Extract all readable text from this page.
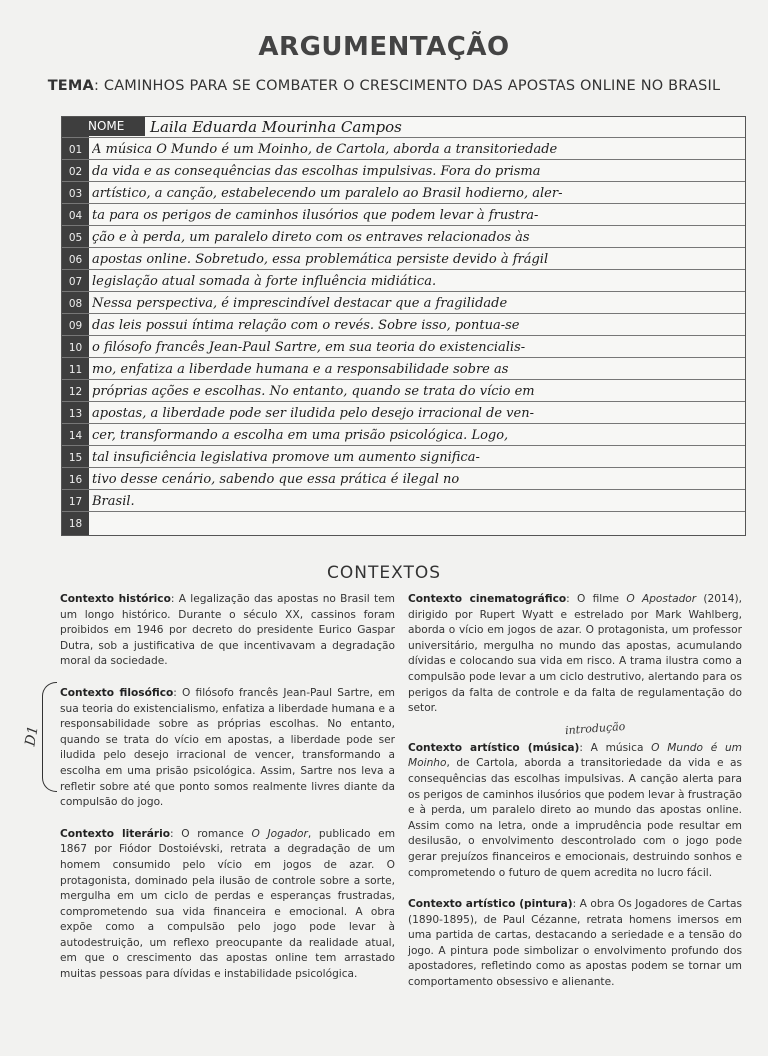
ARGUMENTAÇÃO
TEMA: CAMINHOS PARA SE COMBATER O CRESCIMENTO DAS APOSTAS ONLINE NO BRASIL
NOME	Laila Eduarda Mourinha Campos
01 A música O Mundo é um Moinho, de Cartola, aborda a transitoriedade
02 da vida e as consequências das escolhas impulsivas. Fora do prisma
03 artístico, a canção, estabelecendo um paralelo ao Brasil hodierno, aler-
04 ta para os perigos de caminhos ilusórios que podem levar à frustra-
05 ção e à perda, um paralelo direto com os entraves relacionados às
06 apostas online. Sobretudo, essa problemática persiste devido à frágil
07 legislação atual somada à forte influência midiática.
08 Nessa perspectiva, é imprescindível destacar que a fragilidade
09 das leis possui íntima relação com o revés. Sobre isso, pontua-se
10 o filósofo francês Jean-Paul Sartre, em sua teoria do existencialis-
11 mo, enfatiza a liberdade humana e a responsabilidade sobre as
12 próprias ações e escolhas. No entanto, quando se trata do vício em
13 apostas, a liberdade pode ser iludida pelo desejo irracional de ven-
14 cer, transformando a escolha em uma prisão psicológica. Logo,
15 tal insuficiência legislativa promove um aumento significa-
16 tivo desse cenário, sabendo que essa prática é ilegal no
17 Brasil.
18
CONTEXTOS

Contexto histórico: A legalização das apostas no Brasil tem um longo histórico. Durante o século XX, cassinos foram proibidos em 1946 por decreto do presidente Eurico Gaspar Dutra, sob a justificativa de que incentivavam a degradação moral da sociedade.

Contexto filosófico: O filósofo francês Jean-Paul Sartre, em sua teoria do existencialismo, enfatiza a liberdade humana e a responsabilidade sobre as próprias escolhas. No entanto, quando se trata do vício em apostas, a liberdade pode ser iludida pelo desejo irracional de vencer, transformando a escolha em uma prisão psicológica. Assim, Sartre nos leva a refletir sobre até que ponto somos realmente livres diante da compulsão do jogo.

Contexto literário: O romance O Jogador, publicado em 1867 por Fiódor Dostoiévski, retrata a degradação de um homem consumido pelo vício em jogos de azar. O protagonista, dominado pela ilusão de controle sobre a sorte, mergulha em um ciclo de perdas e esperanças frustradas, comprometendo sua vida financeira e emocional. A obra expõe como a compulsão pelo jogo pode levar à autodestruição, um reflexo preocupante da realidade atual, em que o crescimento das apostas online tem arrastado muitas pessoas para dívidas e instabilidade psicológica.

Contexto cinematográfico: O filme O Apostador (2014), dirigido por Rupert Wyatt e estrelado por Mark Wahlberg, aborda o vício em jogos de azar. O protagonista, um professor universitário, mergulha no mundo das apostas, acumulando dívidas e colocando sua vida em risco. A trama ilustra como a compulsão pode levar a um ciclo destrutivo, alertando para os perigos da falta de controle e da falta de regulamentação do setor.

Contexto artístico (música): A música O Mundo é um Moinho, de Cartola, aborda a transitoriedade da vida e as consequências das escolhas impulsivas. A canção alerta para os perigos de caminhos ilusórios que podem levar à frustração e à perda, um paralelo direto ao mundo das apostas online. Assim como na letra, onde a imprudência pode resultar em desilusão, o envolvimento descontrolado com o jogo pode gerar prejuízos financeiros e emocionais, destruindo sonhos e comprometendo o futuro de quem acredita no lucro fácil.

Contexto artístico (pintura): A obra Os Jogadores de Cartas (1890-1895), de Paul Cézanne, retrata homens imersos em uma partida de cartas, destacando a seriedade e a tensão do jogo. A pintura pode simbolizar o envolvimento profundo dos apostadores, refletindo como as apostas podem se tornar um comportamento obsessivo e alienante.

D1	introdução
